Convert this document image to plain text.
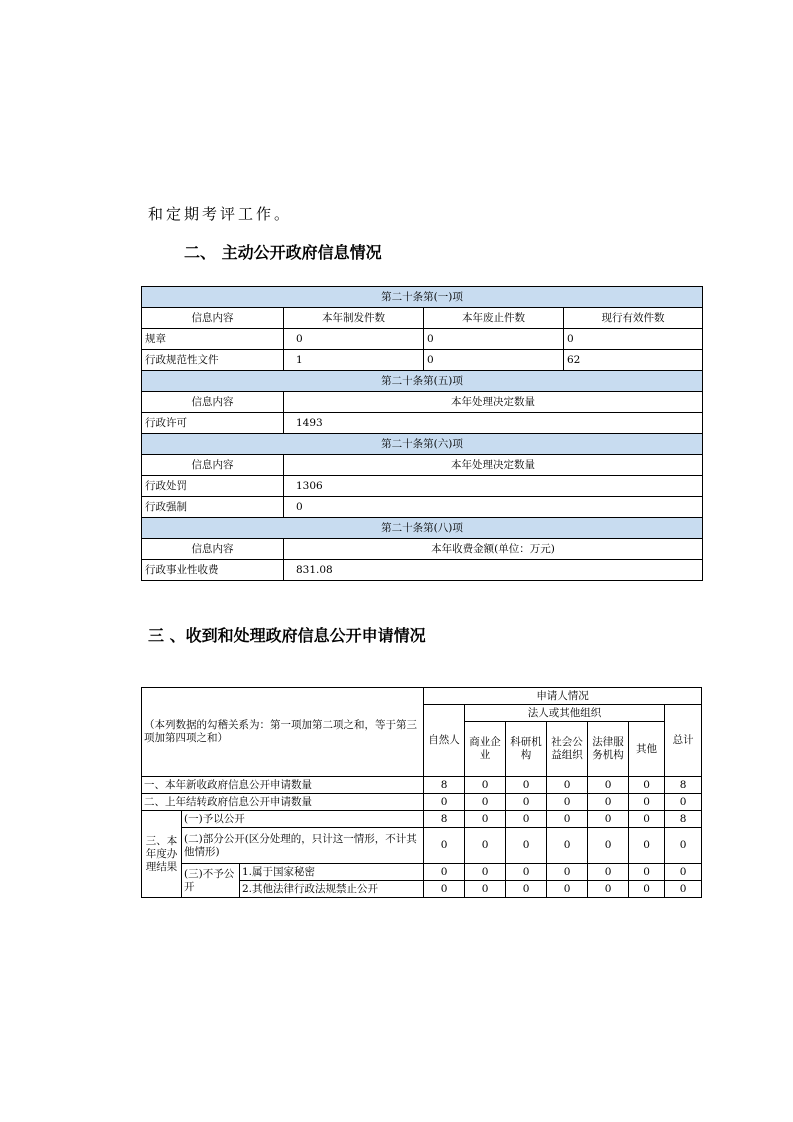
和定期考评工作。
二、 主动公开政府信息情况
第二十条第(一)项			
信息内容	本年制发件数	本年废止件数	现行有效件数
规章	0	0	0
行政规范性文件	1	0	62
第二十条第(五)项			
信息内容	本年处理决定数量		
行政许可	1493		
第二十条第(六)项			
信息内容	本年处理决定数量		
行政处罚	1306		
行政强制	0		
第二十条第(八)项			
信息内容	本年收费金额(单位：万元)		
行政事业性收费	831.08		
三 、收到和处理政府信息公开申请情况
（本列数据的勾稽关系为：第一项加第二项之和，等于第三项加第四项之和）			申请人情况						
			自然人	法人或其他组织					总计
				商业企业	科研机构	社会公益组织	法律服务机构	其他	
一、本年新收政府信息公开申请数量			8	0	0	0	0	0	8
二、上年结转政府信息公开申请数量			0	0	0	0	0	0	0
三、本年度办理结果	(一)予以公开		8	0	0	0	0	0	8
	(二)部分公开(区分处理的，只计这一情形，不计其他情形)		0	0	0	0	0	0	0
	(三)不予公开	1.属于国家秘密	0	0	0	0	0	0	0
		2.其他法律行政法规禁止公开	0	0	0	0	0	0	0
